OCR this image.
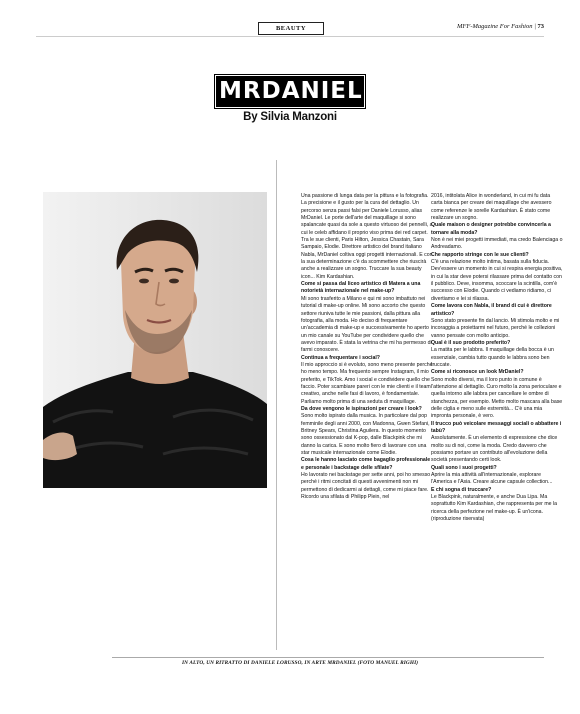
BEAUTY	MFF-Magazine For Fashion | 73
MRDANIEL
By Silvia Manzoni

Una passione di lunga data per la pittura e la fotografia. La precisione e il gusto per la cura del dettaglio. Un percorso senza passi falsi per Daniele Lorusso, alias MrDaniel. Le porte dell'arte del maquillage si sono spalancate quasi da sole a questo virtuoso dei pennelli, a cui le celeb affidano il proprio viso prima dei red carpet. Tra le sue clienti, Paris Hilton, Jessica Chastain, Sara Sampaio, Elodie. Direttore artistico del brand italiano Nabla, MrDaniel coltiva oggi progetti internazionali. E con la sua determinazione c'è da scommettere che riuscirà anche a realizzare un sogno. Truccare la sua beauty icon... Kim Kardashian.

Come si passa dal liceo artistico di Matera a una notorietà internazionale nel make-up?

Mi sono trasferito a Milano e qui mi sono imbattuto nei tutorial di make-up online. Mi sono accorto che questo settore riuniva tutte le mie passioni, dalla pittura alla fotografia, alla moda. Ho deciso di frequentare un'accademia di make-up e successivamente ho aperto un mio canale su YouTube per condividere quello che avevo imparato. È stata la vetrina che mi ha permesso di farmi conoscere.

Continua a frequentare i social?

Il mio approccio si è evoluto, sono meno presente perché ho meno tempo. Ma frequento sempre Instagram, il mio preferito, e TikTok. Amo i social e condividere quello che faccio. Poter scambiare pareri con le mie clienti e il team creativo, anche nelle fasi di lavoro, è fondamentale. Parliamo molto prima di una seduta di maquillage.

Da dove vengono le ispirazioni per creare i look?

Sono molto ispirato dalla musica. In particolare dal pop femminile degli anni 2000, con Madonna, Gwen Stefani, Britney Spears, Christina Aguilera. In questo momento sono ossessionato dal K-pop, dalle Blackpink che mi danno la carica. E sono molto fiero di lavorare con una star musicale internazionale come Elodie.

Cosa le hanno lasciato come bagaglio professionale e personale i backstage delle sfilate?

Ho lavorato nei backstage per sette anni, poi ho smesso perché i ritmi concitati di questi avvenimenti non mi permettono di dedicarmi ai dettagli, come mi piace fare. Ricordo una sfilata di Philipp Plein, nel

2016, intitolata Alice in wonderland, in cui mi fu data carta bianca per creare dei maquillage che avessero come referenze le sorelle Kardashian. È stato come realizzare un sogno.

Quale maison o designer potrebbe convincerla a tornare alla moda?

Non è nei miei progetti immediati, ma credo Balenciaga o Andreadamo.

Che rapporto stringe con le sue clienti?

C'è una relazione molto intima, basata sulla fiducia. Dev'essere un momento in cui si respira energia positiva, in cui la star deve potersi rilassare prima del contatto con il pubblico. Deve, insomma, scoccare la scintilla, com'è successo con Elodie. Quando ci vediamo ridiamo, ci divertiamo e lei si rilassa.

Come lavora con Nabla, il brand di cui è direttore artistico?

Sono stato presente fin dal lancio. Mi stimola molto e mi incoraggia a proiettarmi nel futuro, perché le collezioni vanno pensate con molto anticipo.

Qual è il suo prodotto preferito?

La matita per le labbra. Il maquillage della bocca è un essenziale, cambia tutto quando le labbra sono ben truccate.

Come si riconosce un look MrDaniel?

Sono molto diversi, ma il loro punto in comune è l'attenzione al dettaglio. Curo molto la zona perioculare e quella intorno alle labbra per cancellare le ombre di stanchezza, per esempio. Metto molto mascara alla base delle ciglia e meno sulle estremità... C'è una mia impronta personale, è vero.

Il trucco può veicolare messaggi sociali o abbattere i tabù?

Assolutamente. È un elemento di espressione che dice molto su di noi, come la moda. Credo davvero che possiamo portare un contributo all'evoluzione della società presentando certi look.

Quali sono i suoi progetti?

Aprire la mia attività all'internazionale, esplorare l'America e l'Asia. Creare alcune capsule collection...

E chi sogna di truccare?

Le Blackpink, naturalmente, e anche Dua Lipa. Ma soprattutto Kim Kardashian, che rappresenta per me la ricerca della perfezione nel make-up. È un'icona. (riproduzione riservata)

IN ALTO, UN RITRATTO DI DANIELE LORUSSO, IN ARTE MRDANIEL (FOTO MANUEL RIGHI)
